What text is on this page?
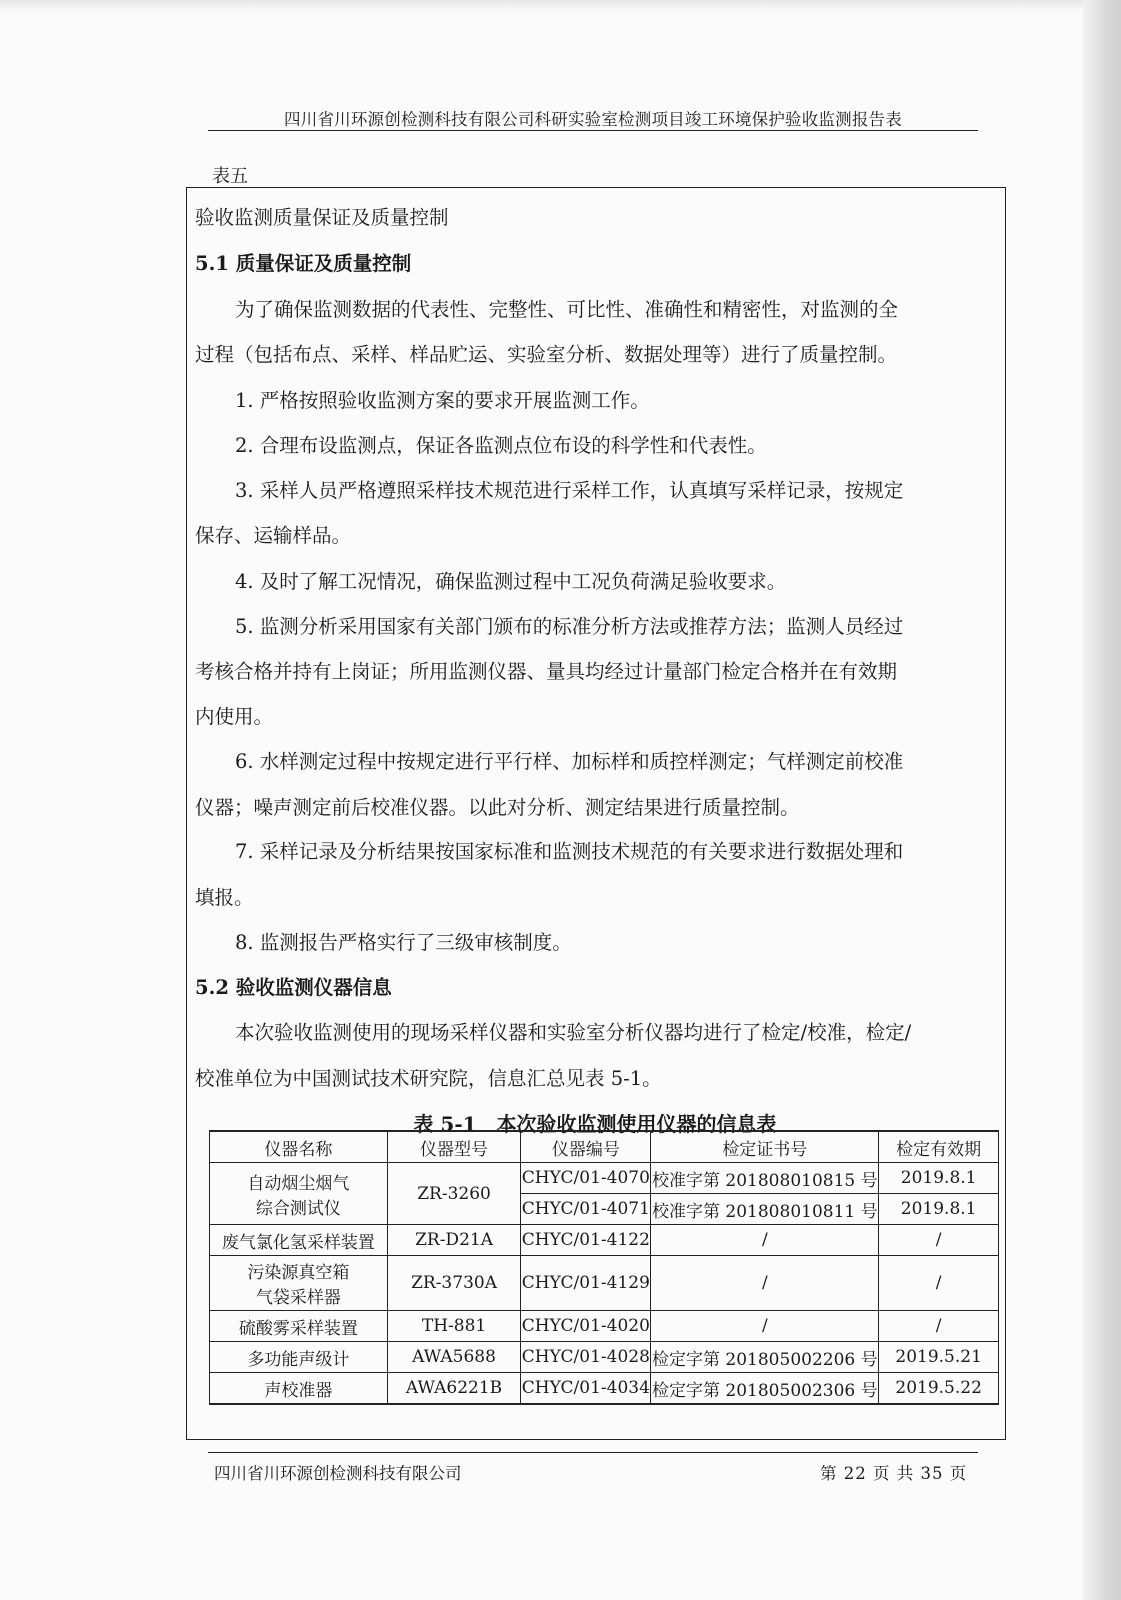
四川省川环源创检测科技有限公司科研实验室检测项目竣工环境保护验收监测报告表
表五
验收监测质量保证及质量控制
5.1 质量保证及质量控制
为了确保监测数据的代表性、完整性、可比性、准确性和精密性，对监测的全
过程（包括布点、采样、样品贮运、实验室分析、数据处理等）进行了质量控制。
1. 严格按照验收监测方案的要求开展监测工作。
2. 合理布设监测点，保证各监测点位布设的科学性和代表性。
3. 采样人员严格遵照采样技术规范进行采样工作，认真填写采样记录，按规定
保存、运输样品。
4. 及时了解工况情况，确保监测过程中工况负荷满足验收要求。
5. 监测分析采用国家有关部门颁布的标准分析方法或推荐方法；监测人员经过
考核合格并持有上岗证；所用监测仪器、量具均经过计量部门检定合格并在有效期
内使用。
6. 水样测定过程中按规定进行平行样、加标样和质控样测定；气样测定前校准
仪器；噪声测定前后校准仪器。以此对分析、测定结果进行质量控制。
7. 采样记录及分析结果按国家标准和监测技术规范的有关要求进行数据处理和
填报。
8. 监测报告严格实行了三级审核制度。
5.2 验收监测仪器信息
本次验收监测使用的现场采样仪器和实验室分析仪器均进行了检定/校准，检定/
校准单位为中国测试技术研究院，信息汇总见表 5-1。
表 5-1　本次验收监测使用仪器的信息表
仪器名称	仪器型号	仪器编号	检定证书号	检定有效期

自动烟尘烟气
综合测试仪	ZR-3260	CHYC/01-4070	校准字第 201808010815 号	2019.8.1
		CHYC/01-4071	校准字第 201808010811 号	2019.8.1
废气氯化氢采样装置	ZR-D21A	CHYC/01-4122	/	/

污染源真空箱
气袋采样器	ZR-3730A	CHYC/01-4129	/	/
硫酸雾采样装置	TH-881	CHYC/01-4020	/	/
多功能声级计	AWA5688	CHYC/01-4028	检定字第 201805002206 号	2019.5.21
声校准器	AWA6221B	CHYC/01-4034	检定字第 201805002306 号	2019.5.22
四川省川环源创检测科技有限公司	第 22 页 共 35 页
